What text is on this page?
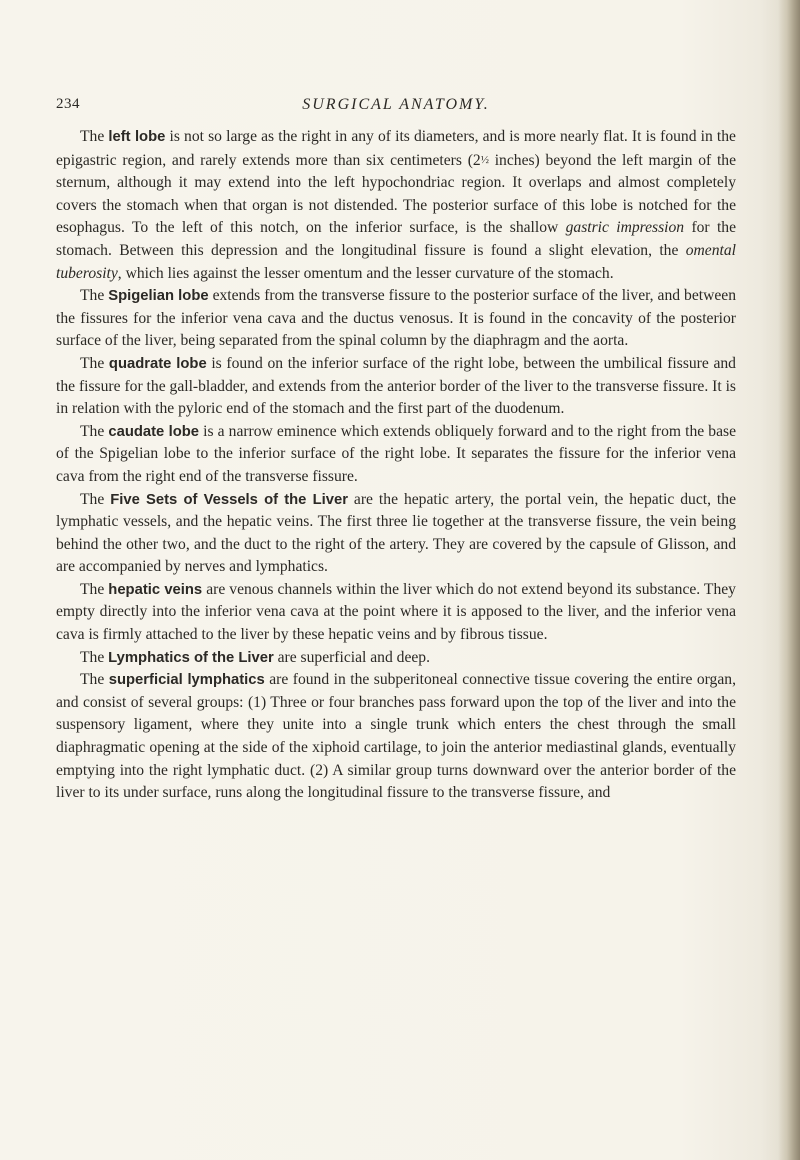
234	SURGICAL ANATOMY.

The left lobe is not so large as the right in any of its diameters, and is more nearly flat. It is found in the epigastric region, and rarely extends more than six centimeters (2½ inches) beyond the left margin of the sternum, although it may extend into the left hypochondriac region. It overlaps and almost completely covers the stomach when that organ is not distended. The posterior surface of this lobe is notched for the esophagus. To the left of this notch, on the inferior surface, is the shallow gastric impression for the stomach. Between this depression and the longitudinal fissure is found a slight elevation, the omental tuberosity, which lies against the lesser omentum and the lesser curvature of the stomach.

The Spigelian lobe extends from the transverse fissure to the posterior surface of the liver, and between the fissures for the inferior vena cava and the ductus venosus. It is found in the concavity of the posterior surface of the liver, being separated from the spinal column by the diaphragm and the aorta.

The quadrate lobe is found on the inferior surface of the right lobe, between the umbilical fissure and the fissure for the gall-bladder, and extends from the anterior border of the liver to the transverse fissure. It is in relation with the pyloric end of the stomach and the first part of the duodenum.

The caudate lobe is a narrow eminence which extends obliquely forward and to the right from the base of the Spigelian lobe to the inferior surface of the right lobe. It separates the fissure for the inferior vena cava from the right end of the transverse fissure.

The Five Sets of Vessels of the Liver are the hepatic artery, the portal vein, the hepatic duct, the lymphatic vessels, and the hepatic veins. The first three lie together at the transverse fissure, the vein being behind the other two, and the duct to the right of the artery. They are covered by the capsule of Glisson, and are accompanied by nerves and lymphatics.

The hepatic veins are venous channels within the liver which do not extend beyond its substance. They empty directly into the inferior vena cava at the point where it is apposed to the liver, and the inferior vena cava is firmly attached to the liver by these hepatic veins and by fibrous tissue.

The Lymphatics of the Liver are superficial and deep.

The superficial lymphatics are found in the subperitoneal connective tissue covering the entire organ, and consist of several groups: (1) Three or four branches pass forward upon the top of the liver and into the suspensory ligament, where they unite into a single trunk which enters the chest through the small diaphragmatic opening at the side of the xiphoid cartilage, to join the anterior mediastinal glands, eventually emptying into the right lymphatic duct. (2) A similar group turns downward over the anterior border of the liver to its under surface, runs along the longitudinal fissure to the transverse fissure, and
